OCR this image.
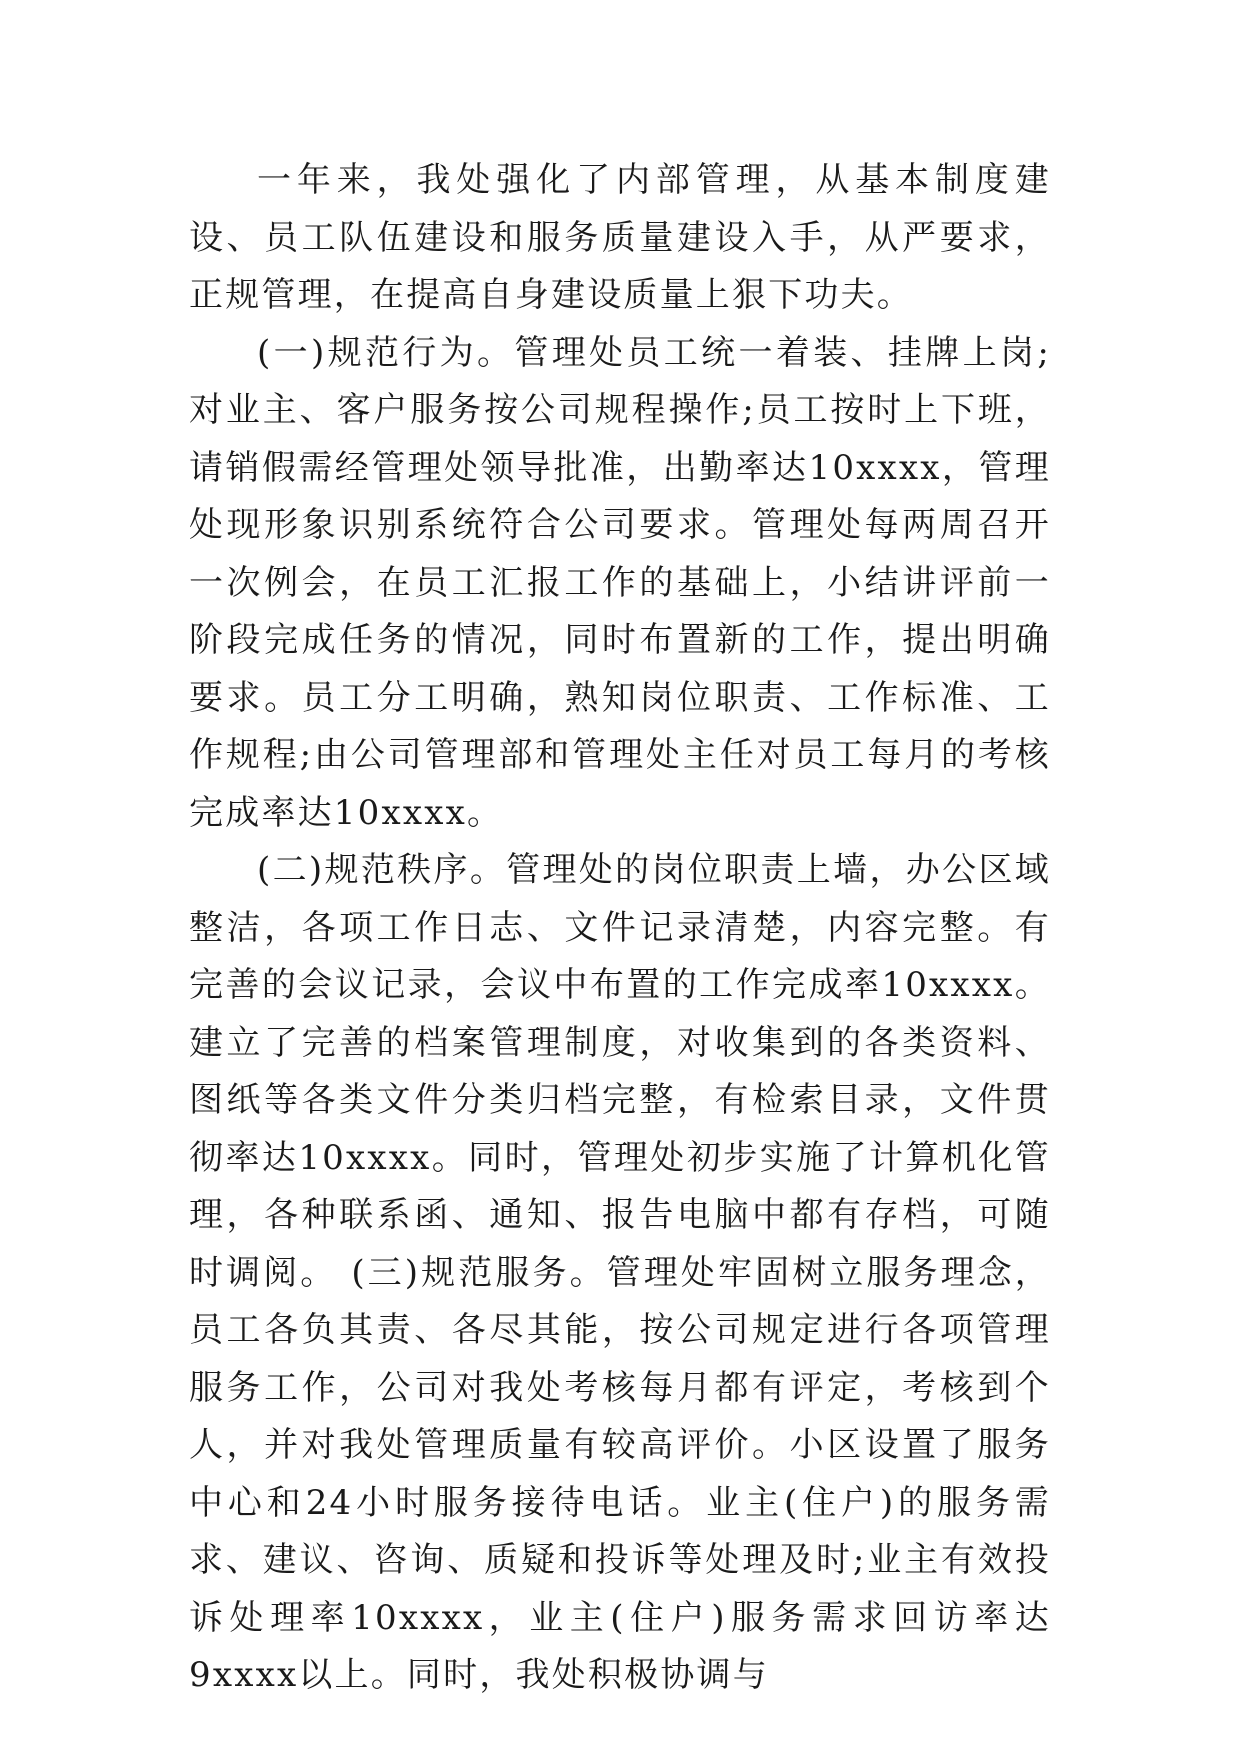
一年来，我处强化了内部管理，从基本制度建设、员工队伍建设和服务质量建设入手，从严要求，正规管理，在提高自身建设质量上狠下功夫。

(一)规范行为。管理处员工统一着装、挂牌上岗;对业主、客户服务按公司规程操作;员工按时上下班，请销假需经管理处领导批准，出勤率达10xxxx，管理处现形象识别系统符合公司要求。管理处每两周召开一次例会，在员工汇报工作的基础上，小结讲评前一阶段完成任务的情况，同时布置新的工作，提出明确要求。员工分工明确，熟知岗位职责、工作标准、工作规程;由公司管理部和管理处主任对员工每月的考核完成率达10xxxx。

(二)规范秩序。管理处的岗位职责上墙，办公区域整洁，各项工作日志、文件记录清楚，内容完整。有完善的会议记录，会议中布置的工作完成率10xxxx。建立了完善的档案管理制度，对收集到的各类资料、图纸等各类文件分类归档完整，有检索目录，文件贯彻率达10xxxx。同时，管理处初步实施了计算机化管理，各种联系函、通知、报告电脑中都有存档，可随时调阅。 (三)规范服务。管理处牢固树立服务理念，员工各负其责、各尽其能，按公司规定进行各项管理服务工作，公司对我处考核每月都有评定，考核到个人，并对我处管理质量有较高评价。小区设置了服务中心和24小时服务接待电话。业主(住户)的服务需求、建议、咨询、质疑和投诉等处理及时;业主有效投诉处理率10xxxx，业主(住户)服务需求回访率达9xxxx以上。同时，我处积极协调与
